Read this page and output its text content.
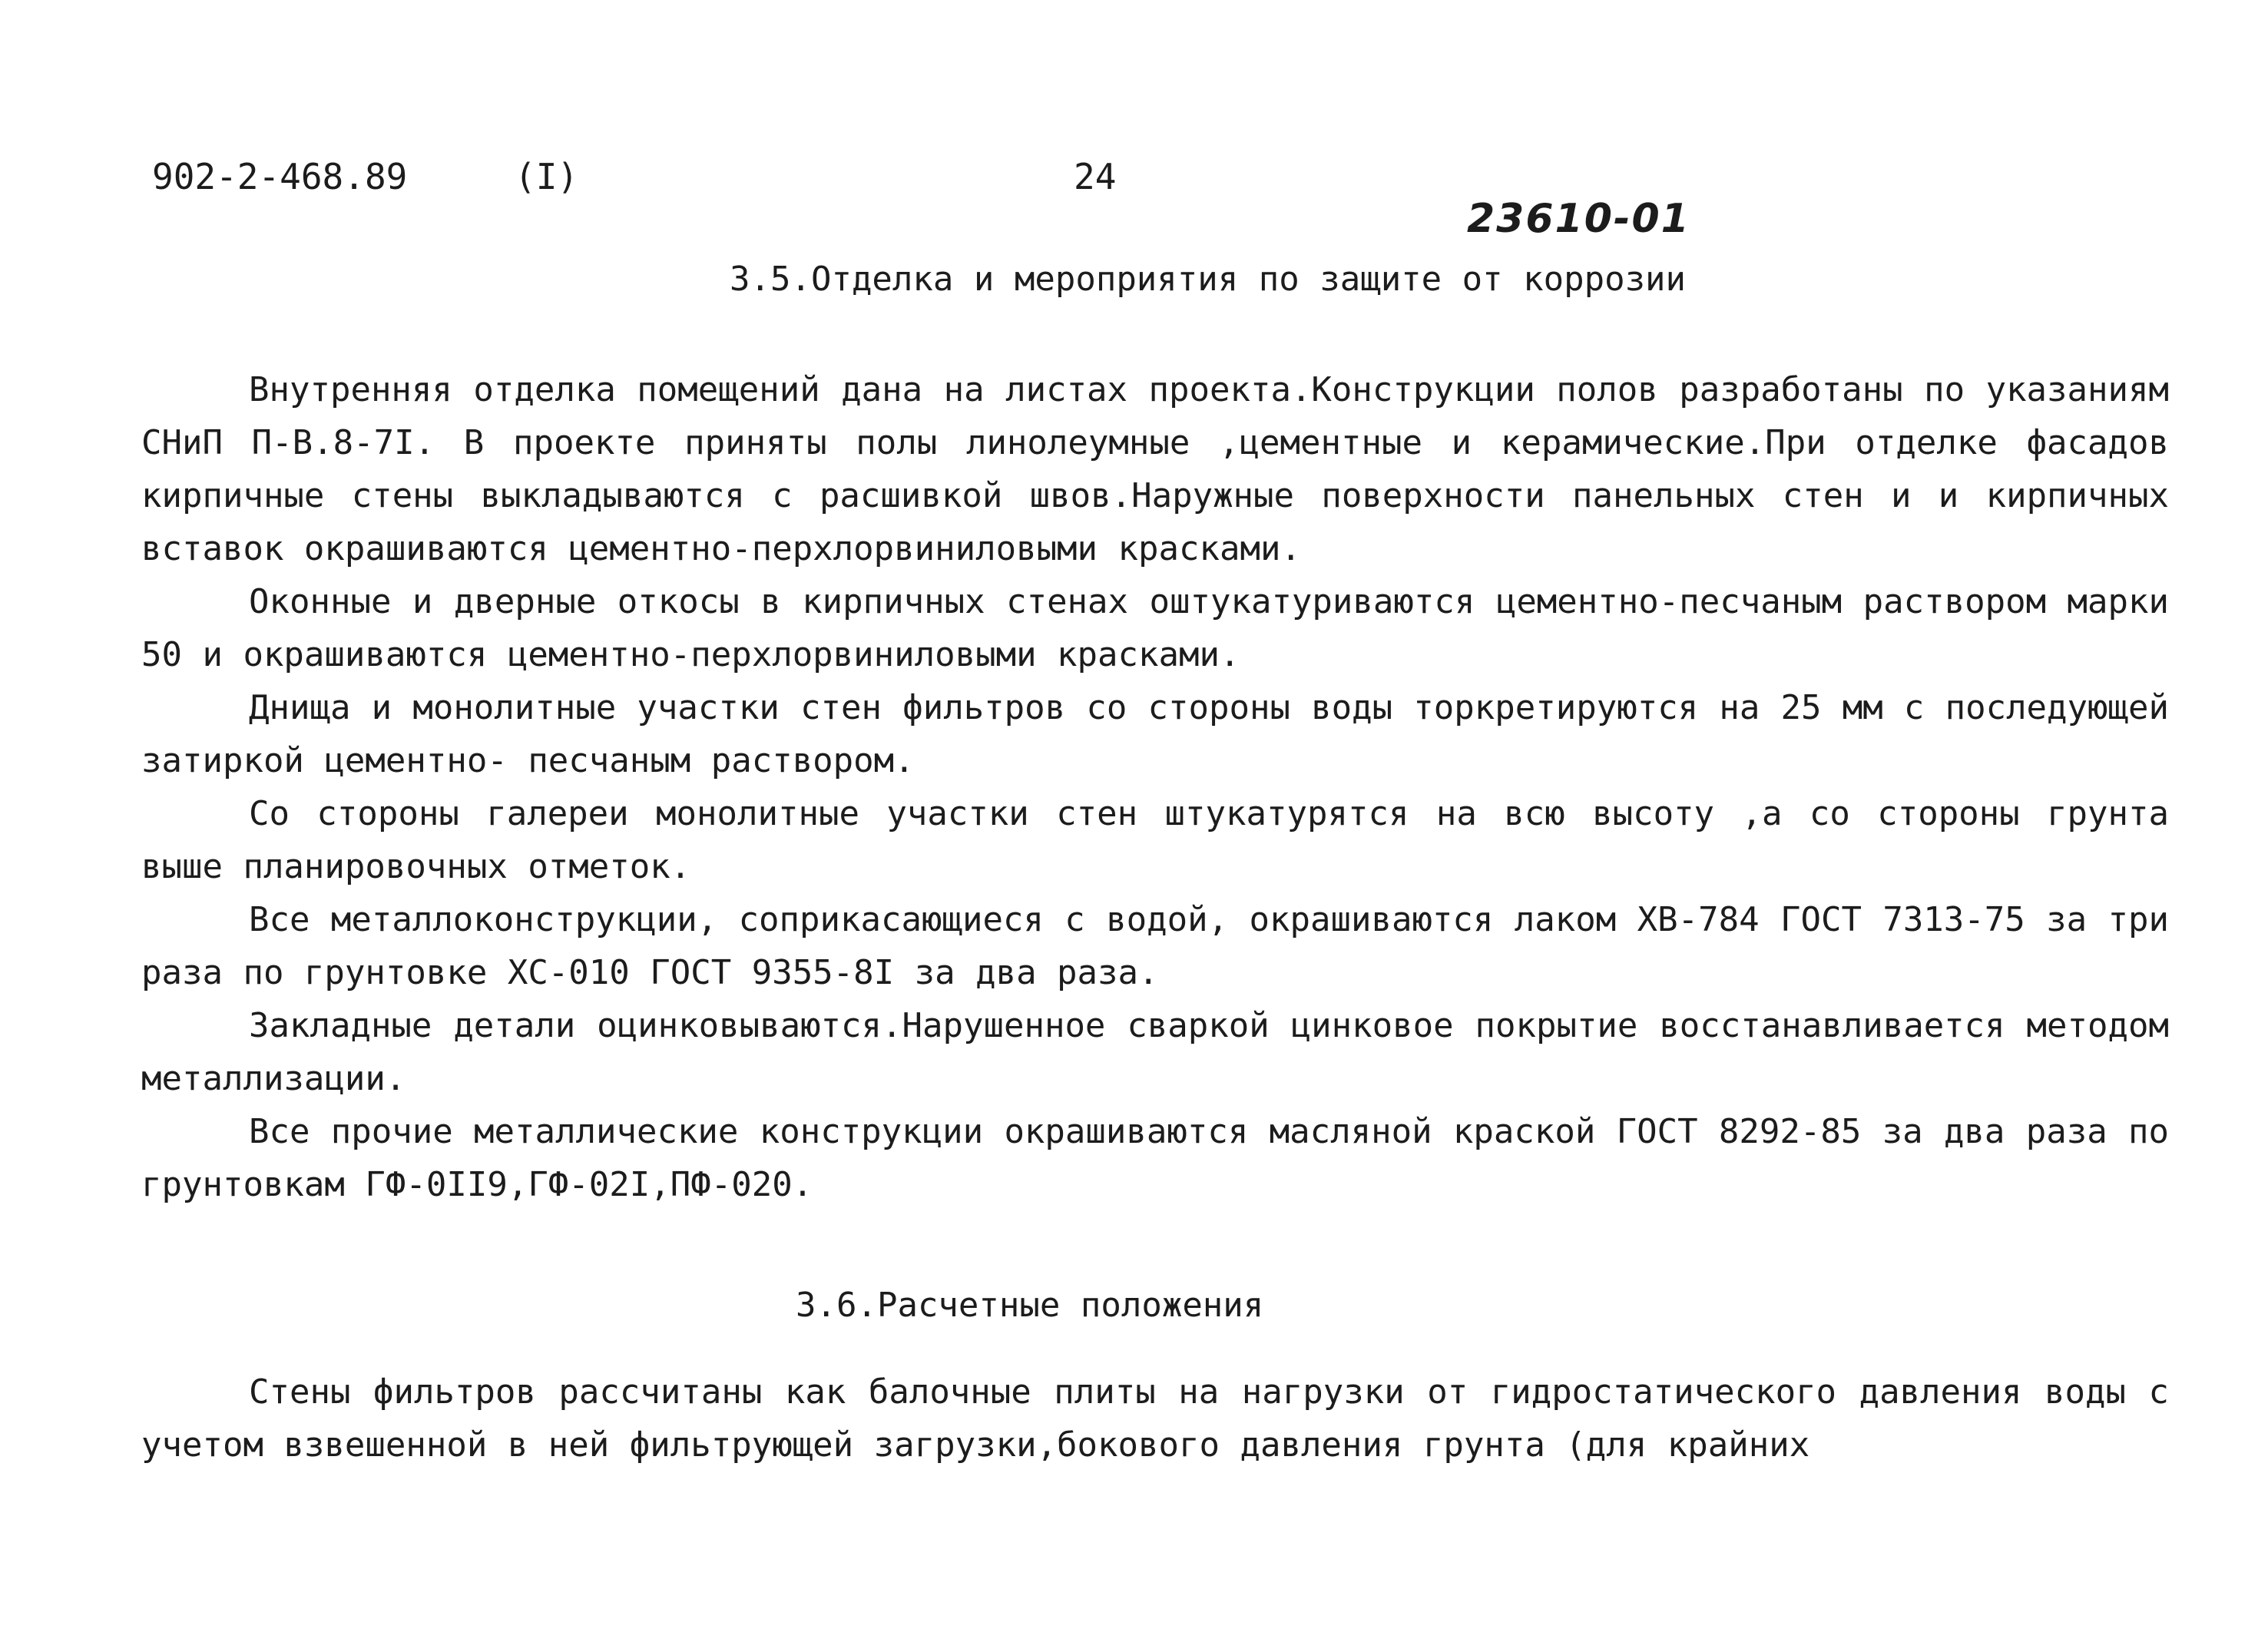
902-2-468.89	(I)	24
23610-01
3.5.Отделка и мероприятия по защите от коррозии

Внутренняя отделка помещений дана на листах проекта.Конструкции полов разработаны по указаниям СНиП П-В.8-7I. В проекте приняты полы линолеумные ,цементные и керамические.При отделке фасадов кирпичные стены выкладываются с расшивкой швов.Наружные поверхности панельных стен и и кирпичных вставок окрашиваются цементно-перхлорвиниловыми красками.

Оконные и дверные откосы в кирпичных стенах оштукатуриваются цементно-песчаным раствором марки 50 и окрашиваются цементно-перхлорвиниловыми красками.

Днища и монолитные участки стен фильтров со стороны воды торкретируются на 25 мм с последующей затиркой цементно- песчаным раствором.

Со стороны галереи монолитные участки стен штукатурятся на всю высоту ,а со стороны грунта выше планировочных отметок.

Все металлоконструкции, соприкасающиеся с водой, окрашиваются лаком ХВ-784 ГОСТ 7313-75 за три раза по грунтовке ХС-010 ГОСТ 9355-8I за два раза.

Закладные детали оцинковываются.Нарушенное сваркой цинковое покрытие восстанавливается методом металлизации.

Все прочие металлические конструкции окрашиваются масляной краской ГОСТ 8292-85 за два раза по грунтовкам ГФ-0II9,ГФ-02I,ПФ-020.

3.6.Расчетные положения

Стены фильтров рассчитаны как балочные плиты на нагрузки от гидростатического давления воды с учетом взвешенной в ней фильтрующей загрузки,бокового давления грунта (для крайних
